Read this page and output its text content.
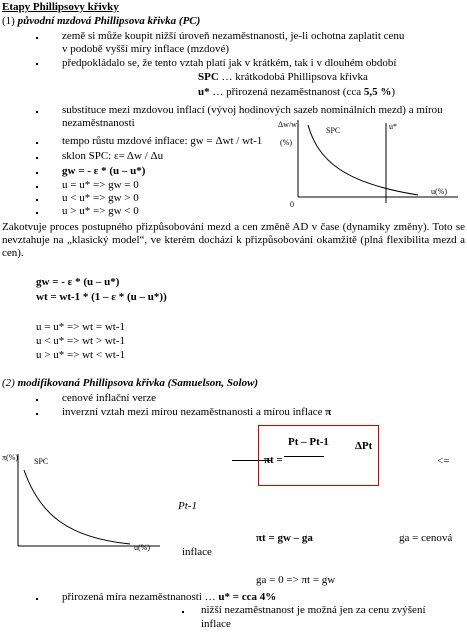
Etapy Phillipsovy křivky
(1) původní mzdová Phillipsova křivka (PC)
země si může koupit nižší úroveň nezaměstnanosti, je-li ochotna zaplatit cenu
v podobě vyšší míry inflace (mzdové)
předpokládalo se, že tento vztah platí jak v krátkém, tak i v dlouhém období
SPC … krátkodobá Phillipsova křivka
u* … přirozená nezaměstnanost (cca 5,5 %)
substituce mezi mzdovou inflací (vývoj hodinových sazeb nominálních mezd) a mírou
nezaměstnanosti
tempo růstu mzdové inflace: gw = Δwt / wt-1
sklon SPC: ε= Δw / Δu
gw = - ε * (u – u*)
u = u* => gw = 0
u < u* => gw > 0
u > u* => gw < 0
Δw/w
(%)
SPC	u*
u(%)
0
Zakotvuje proces postupného přizpůsobování mezd a cen změně AD v čase (dynamiky změny). Toto se nevztahuje na „klasický model“, ve kterém dochází k přizpůsobování okamžitě (plná flexibilita mezd a cen).
gw = - ε * (u – u*)
wt = wt-1 * (1 – ε * (u – u*))
u = u* => wt = wt-1
u < u* => wt > wt-1
u > u* => wt < wt-1
(2) modifikovaná Phillipsova křivka (Samuelson, Solow)
cenové inflační verze
inverzní vztah mezi mírou nezaměstnanosti a mírou inflace π
Pt – Pt-1
πt =
ΔPt
<=
Pt-1
π(%) SPC
u(%)
πt = gw – ga	ga = cenová
inflace
ga = 0 => πt = gw
přirozená míra nezaměstnanosti … u* = cca 4%
nižší nezaměstnanost je možná jen za cenu zvýšení
inflace
